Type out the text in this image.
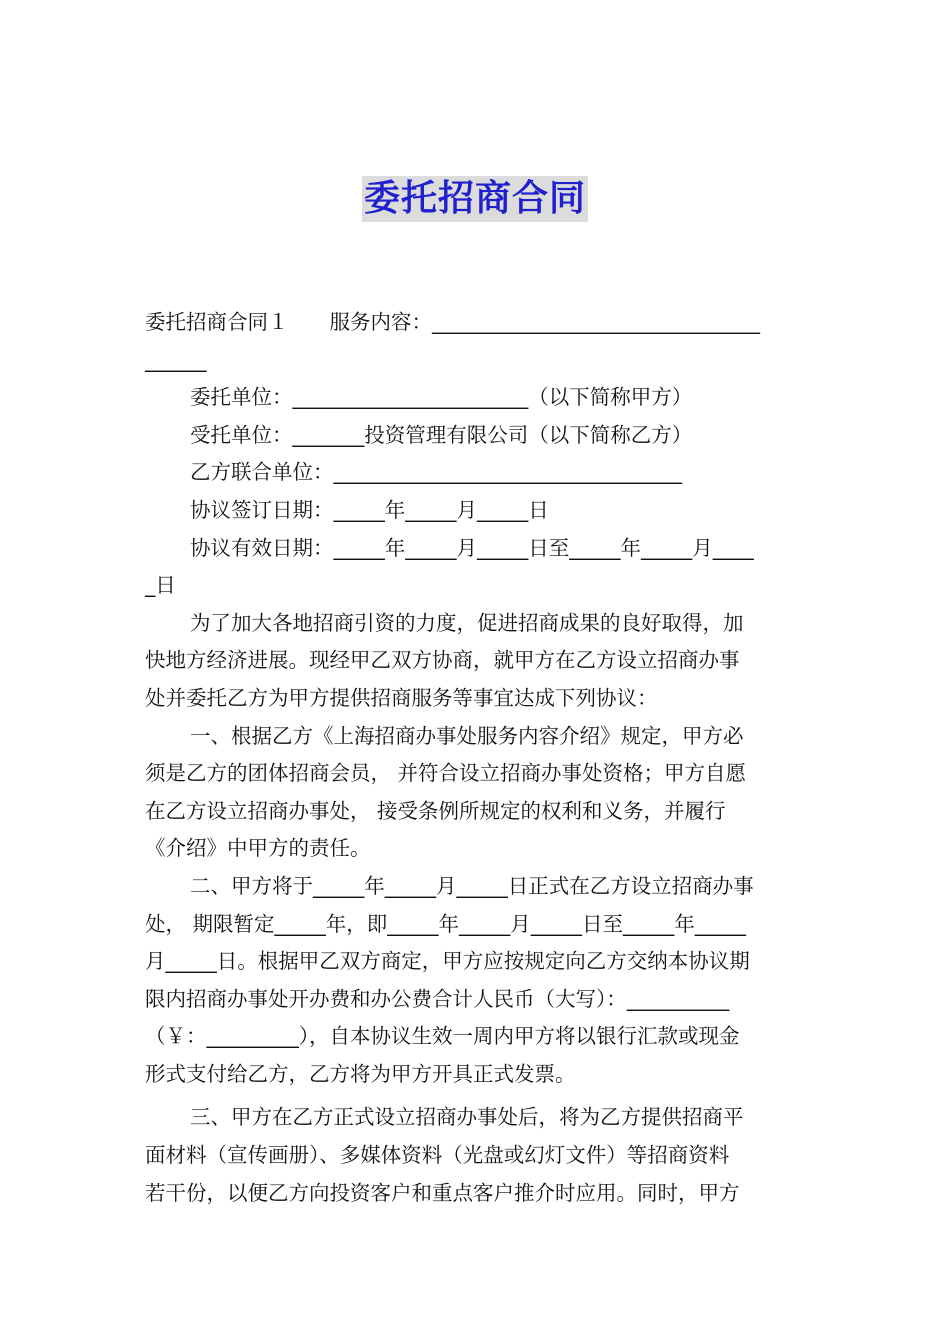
委托招商合同
委托招商合同１　　服务内容：________________________________
______
委托单位：_______________________（以下简称甲方）
受托单位：_______投资管理有限公司（以下简称乙方）
乙方联合单位：__________________________________
协议签订日期：_____年_____月_____日
协议有效日期：_____年_____月_____日至_____年_____月____
_日
为了加大各地招商引资的力度，促进招商成果的良好取得，加
快地方经济进展。现经甲乙双方协商，就甲方在乙方设立招商办事
处并委托乙方为甲方提供招商服务等事宜达成下列协议：
一、根据乙方《上海招商办事处服务内容介绍》规定，甲方必
须是乙方的团体招商会员， 并符合设立招商办事处资格；甲方自愿
在乙方设立招商办事处， 接受条例所规定的权利和义务，并履行
《介绍》中甲方的责任。
二、甲方将于_____年_____月_____日正式在乙方设立招商办事
处， 期限暂定_____年，即_____年_____月_____日至_____年_____
月_____日。根据甲乙双方商定，甲方应按规定向乙方交纳本协议期
限内招商办事处开办费和办公费合计人民币（大写）：__________
（￥：_________），自本协议生效一周内甲方将以银行汇款或现金
形式支付给乙方，乙方将为甲方开具正式发票。
三、甲方在乙方正式设立招商办事处后，将为乙方提供招商平
面材料（宣传画册）、多媒体资料（光盘或幻灯文件）等招商资料
若干份，以便乙方向投资客户和重点客户推介时应用。同时，甲方
